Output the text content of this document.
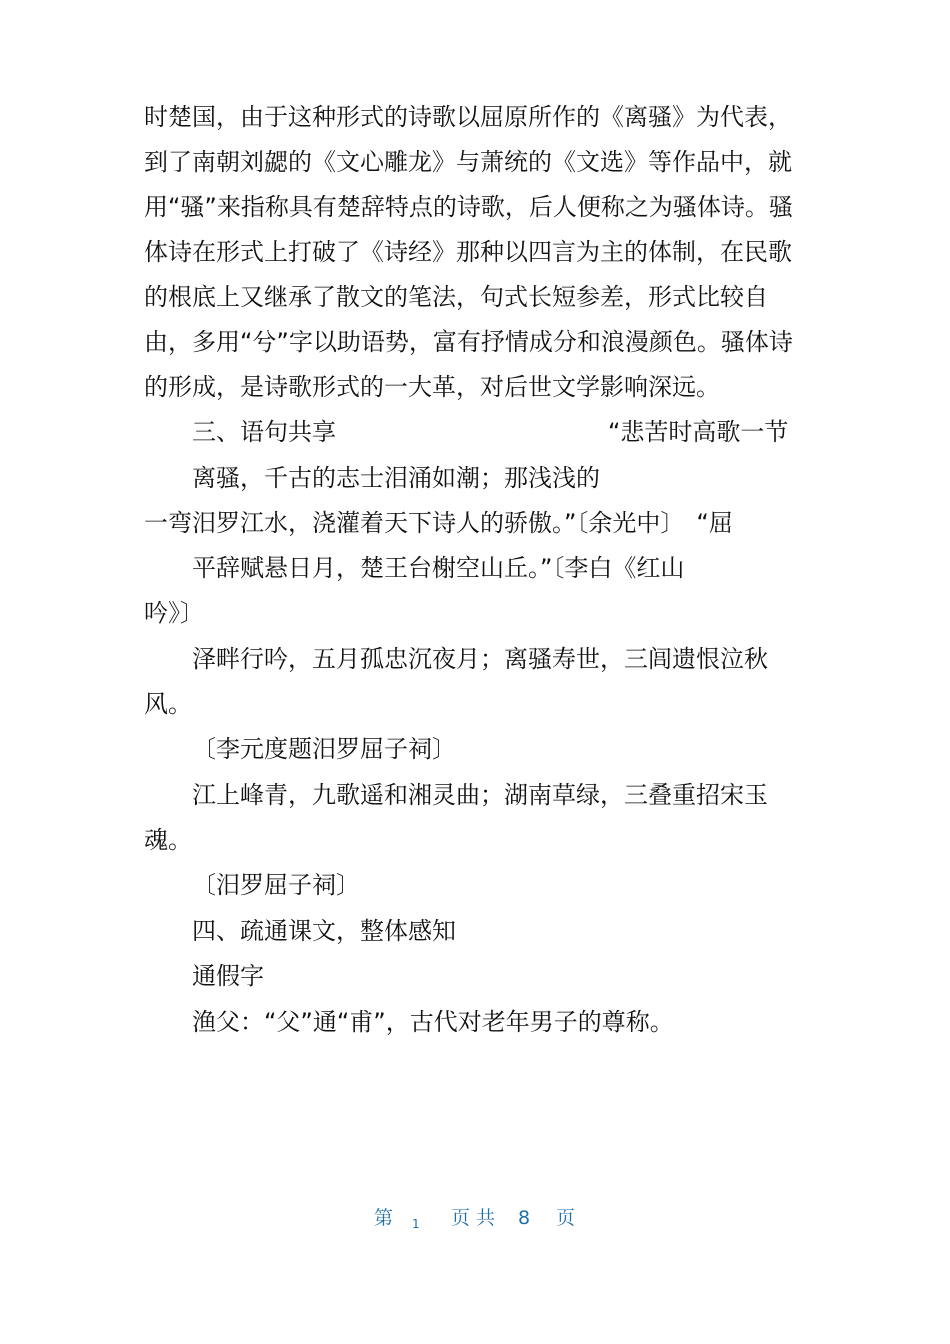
时楚国，由于这种形式的诗歌以屈原所作的《离骚》为代表，
到了南朝刘勰的《文心雕龙》与萧统的《文选》等作品中，就
用“骚”来指称具有楚辞特点的诗歌，后人便称之为骚体诗。骚
体诗在形式上打破了《诗经》那种以四言为主的体制，在民歌
的根底上又继承了散文的笔法，句式长短参差，形式比较自
由，多用“兮”字以助语势，富有抒情成分和浪漫颜色。骚体诗
的形成，是诗歌形式的一大革，对后世文学影响深远。
三、语句共享	“悲苦时高歌一节
离骚，千古的志士泪涌如潮；那浅浅的
一弯汨罗江水，浇灌着天下诗人的骄傲。”〔余光中〕　“屈
平辞赋悬日月，楚王台榭空山丘。”〔李白《红山
吟》〕
泽畔行吟，五月孤忠沉夜月；离骚寿世，三闾遗恨泣秋
风。
〔李元度题汨罗屈子祠〕
江上峰青，九歌遥和湘灵曲；湖南草绿，三叠重招宋玉
魂。
〔汨罗屈子祠〕
四、疏通课文，整体感知
通假字
渔父：“父”通“甫”，古代对老年男子的尊称。
第 1 页 共 8 页
